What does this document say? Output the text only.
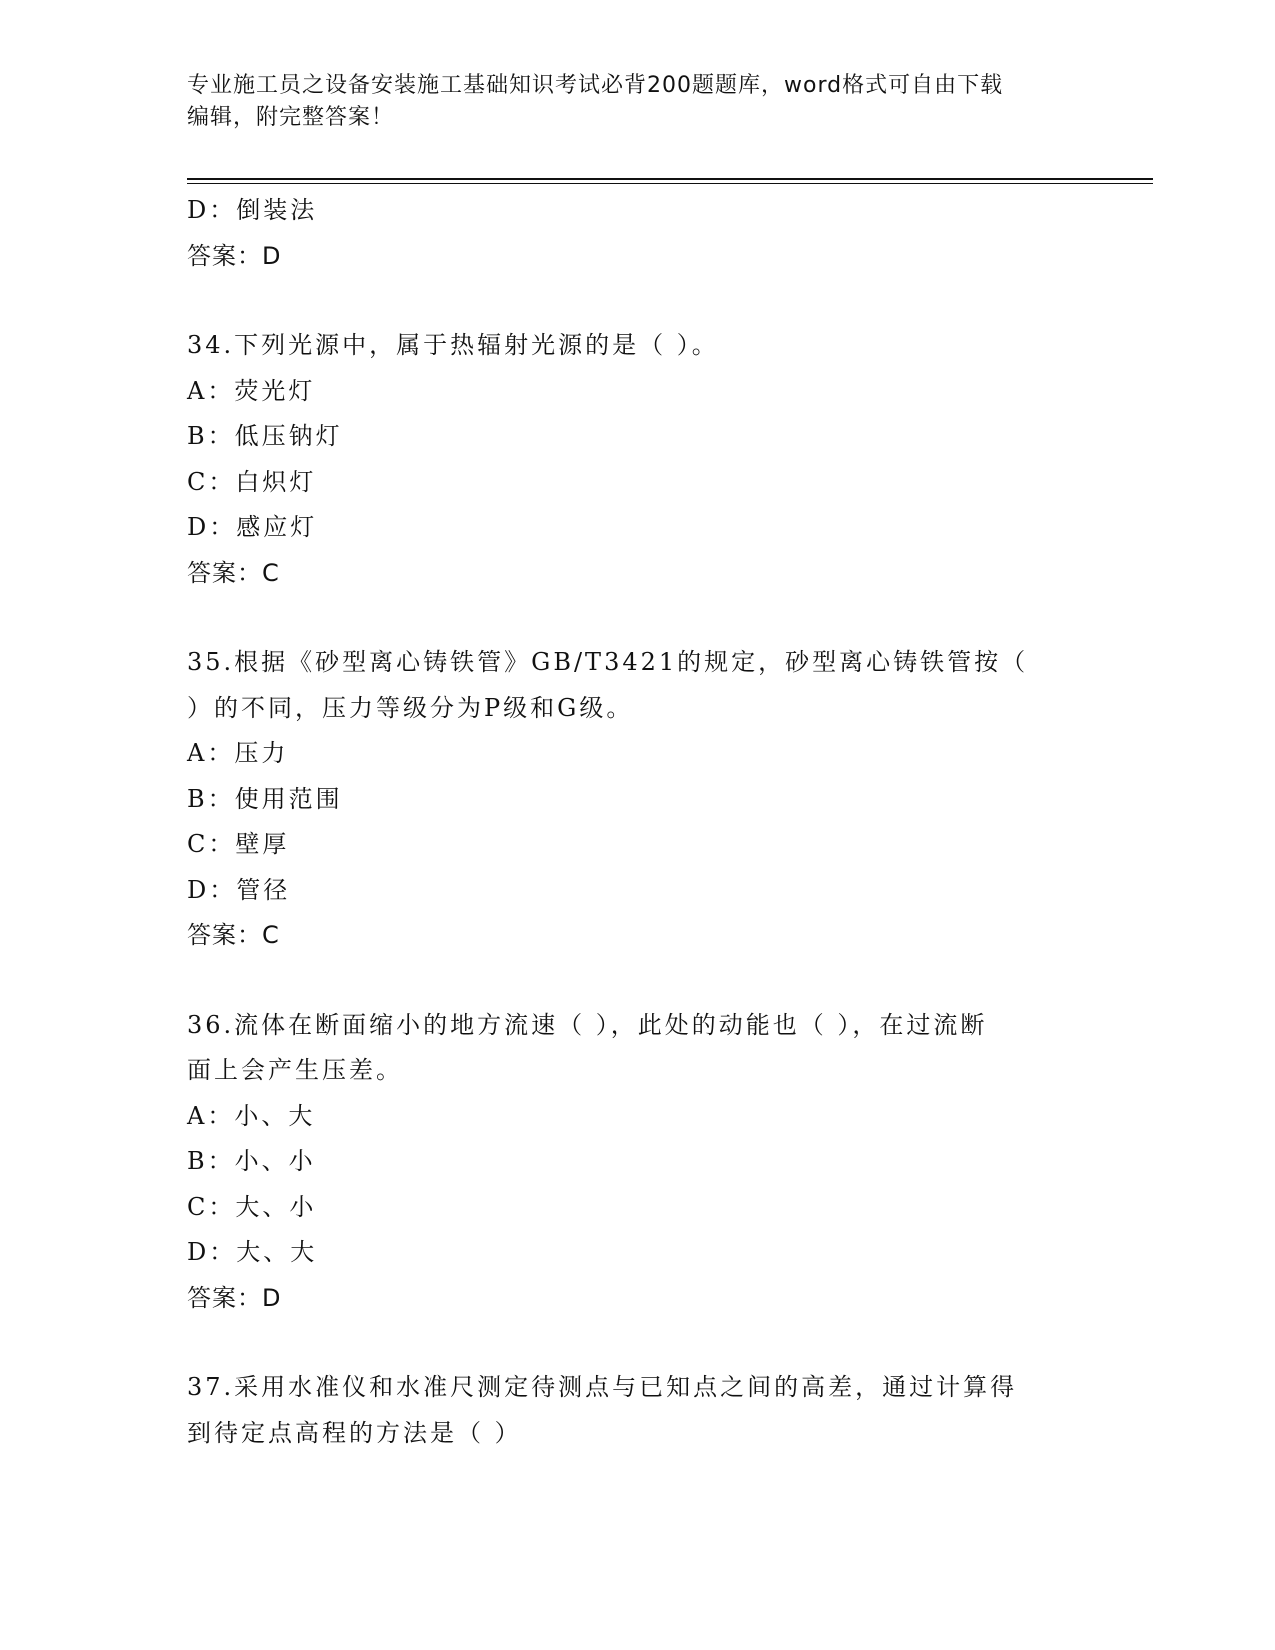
专业施工员之设备安装施工基础知识考试必背200题题库，word格式可自由下载
编辑，附完整答案！
D：倒装法
答案：D
34.下列光源中，属于热辐射光源的是（ ）。
A：荧光灯
B：低压钠灯
C：白炽灯
D：感应灯
答案：C
35.根据《砂型离心铸铁管》GB/T3421的规定，砂型离心铸铁管按（
）的不同，压力等级分为P级和G级。
A：压力
B：使用范围
C：壁厚
D：管径
答案：C
36.流体在断面缩小的地方流速（ ），此处的动能也（ ），在过流断
面上会产生压差。
A：小、大
B：小、小
C：大、小
D：大、大
答案：D
37.采用水准仪和水准尺测定待测点与已知点之间的高差，通过计算得
到待定点高程的方法是（ ）
